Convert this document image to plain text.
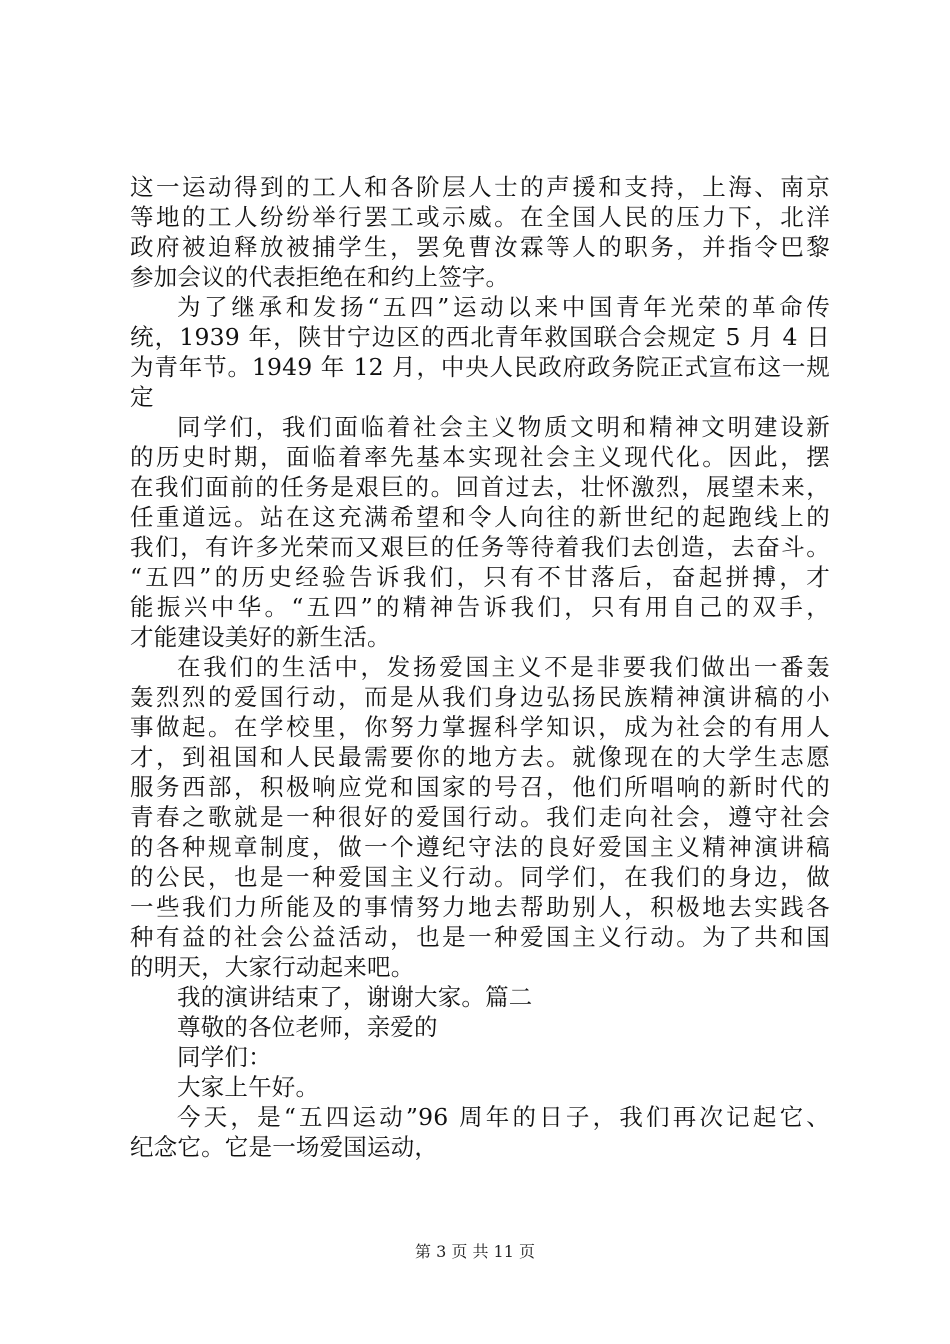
这一运动得到的工人和各阶层人士的声援和支持，上海、南京
等地的工人纷纷举行罢工或示威。在全国人民的压力下，北洋
政府被迫释放被捕学生，罢免曹汝霖等人的职务，并指令巴黎
参加会议的代表拒绝在和约上签字。
为了继承和发扬“五四”运动以来中国青年光荣的革命传
统，1939 年，陕甘宁边区的西北青年救国联合会规定 5 月 4 日
为青年节。1949 年 12 月，中央人民政府政务院正式宣布这一规
定
同学们，我们面临着社会主义物质文明和精神文明建设新
的历史时期，面临着率先基本实现社会主义现代化。因此，摆
在我们面前的任务是艰巨的。回首过去，壮怀激烈，展望未来，
任重道远。站在这充满希望和令人向往的新世纪的起跑线上的
我们，有许多光荣而又艰巨的任务等待着我们去创造，去奋斗。
“五四”的历史经验告诉我们，只有不甘落后，奋起拼搏，才
能振兴中华。“五四”的精神告诉我们，只有用自己的双手，
才能建设美好的新生活。
在我们的生活中，发扬爱国主义不是非要我们做出一番轰
轰烈烈的爱国行动，而是从我们身边弘扬民族精神演讲稿的小
事做起。在学校里，你努力掌握科学知识，成为社会的有用人
才，到祖国和人民最需要你的地方去。就像现在的大学生志愿
服务西部，积极响应党和国家的号召，他们所唱响的新时代的
青春之歌就是一种很好的爱国行动。我们走向社会，遵守社会
的各种规章制度，做一个遵纪守法的良好爱国主义精神演讲稿
的公民，也是一种爱国主义行动。同学们，在我们的身边，做
一些我们力所能及的事情努力地去帮助别人，积极地去实践各
种有益的社会公益活动，也是一种爱国主义行动。为了共和国
的明天，大家行动起来吧。
我的演讲结束了，谢谢大家。篇二
尊敬的各位老师，亲爱的
同学们：
大家上午好。
今天，是“五四运动”96 周年的日子，我们再次记起它、
纪念它。它是一场爱国运动，
第 3 页 共 11 页
